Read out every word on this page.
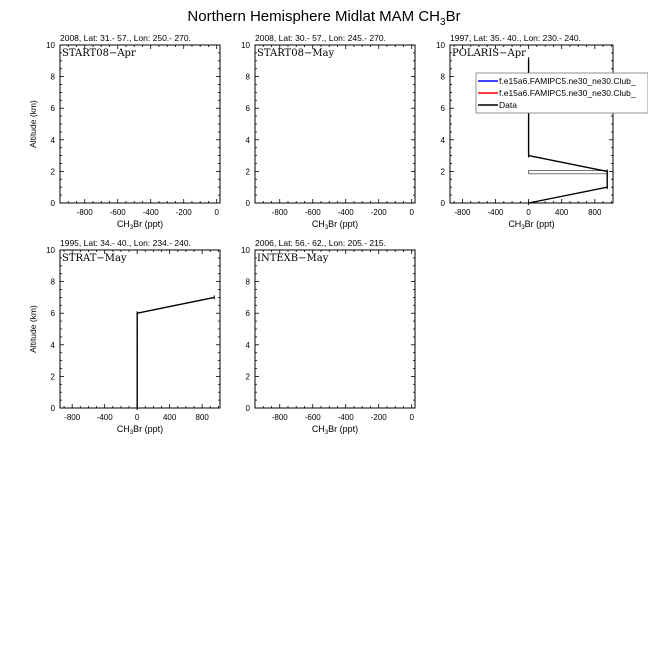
Northern Hemisphere Midlat MAM $CH_3Br$
2008, Lat: 31.- 57., Lon: 250.- 270.
START08−Apr
-800 -600 -400 -200	0
0
2
4
6
8
10
$CH_3Br$ (ppt)
Altitude (km)
2008, Lat: 30.- 57., Lon: 245.- 270.
START08−May
-800 -600 -400 -200	0
0
2
4
6
8
10
$CH_3Br$ (ppt)
1997, Lat: 35.- 40., Lon: 230.- 240.
POLARIS−Apr
-800 -400	0	400 800
0
2
4
6
8
10
$CH_3Br$ (ppt)
f.e15a6.FAMIPC5.ne30_ne30.Club_
f.e15a6.FAMIPC5.ne30_ne30.Club_
Data
1995, Lat: 34.- 40., Lon: 234.- 240.
STRAT−May
-800 -400	0	400 800
0
2
4
6
8
10
$CH_3Br$ (ppt)
Altitude (km)
2006, Lat: 56.- 62., Lon: 205.- 215.
INTEXB−May
-800 -600 -400 -200	0
0
2
4
6
8
10
$CH_3Br$ (ppt)
